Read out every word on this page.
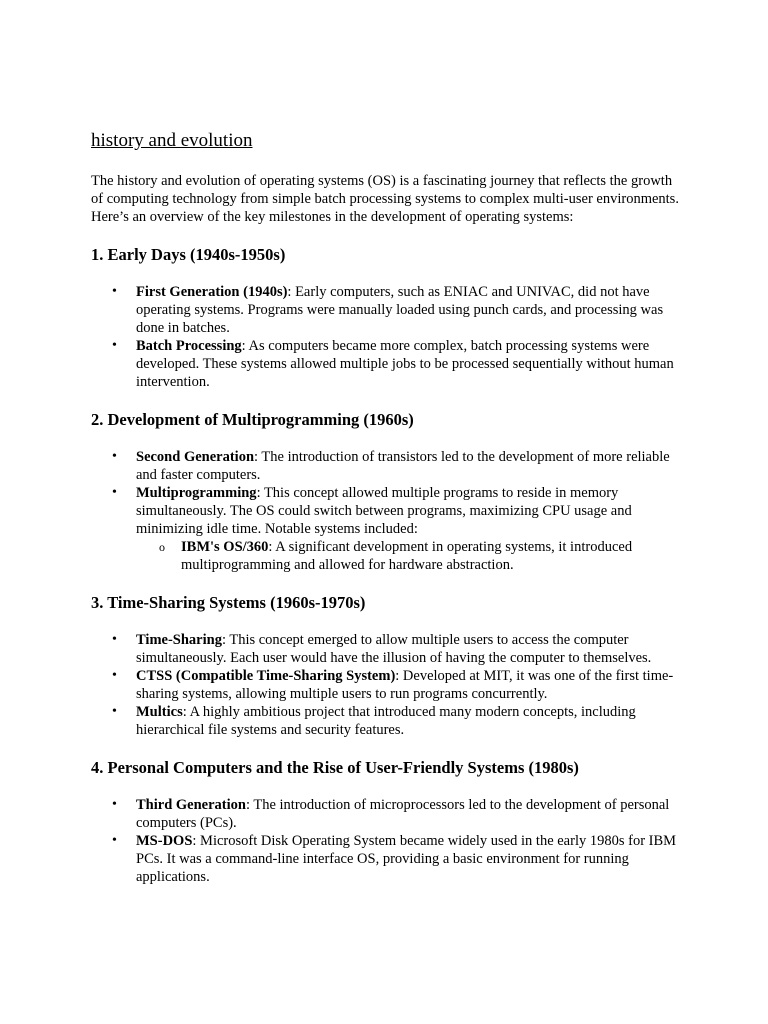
history and evolution

The history and evolution of operating systems (OS) is a fascinating journey that reflects the growth of computing technology from simple batch processing systems to complex multi-user environments. Here’s an overview of the key milestones in the development of operating systems:

1. Early Days (1940s-1950s)
• First Generation (1940s): Early computers, such as ENIAC and UNIVAC, did not have operating systems. Programs were manually loaded using punch cards, and processing was done in batches.
• Batch Processing: As computers became more complex, batch processing systems were developed. These systems allowed multiple jobs to be processed sequentially without human intervention.
2. Development of Multiprogramming (1960s)
• Second Generation: The introduction of transistors led to the development of more reliable and faster computers.
• Multiprogramming: This concept allowed multiple programs to reside in memory simultaneously. The OS could switch between programs, maximizing CPU usage and minimizing idle time. Notable systems included:
o IBM's OS/360: A significant development in operating systems, it introduced multiprogramming and allowed for hardware abstraction.
3. Time-Sharing Systems (1960s-1970s)
• Time-Sharing: This concept emerged to allow multiple users to access the computer simultaneously. Each user would have the illusion of having the computer to themselves.
• CTSS (Compatible Time-Sharing System): Developed at MIT, it was one of the first time-sharing systems, allowing multiple users to run programs concurrently.
• Multics: A highly ambitious project that introduced many modern concepts, including hierarchical file systems and security features.
4. Personal Computers and the Rise of User-Friendly Systems (1980s)
• Third Generation: The introduction of microprocessors led to the development of personal computers (PCs).
• MS-DOS: Microsoft Disk Operating System became widely used in the early 1980s for IBM PCs. It was a command-line interface OS, providing a basic environment for running applications.
